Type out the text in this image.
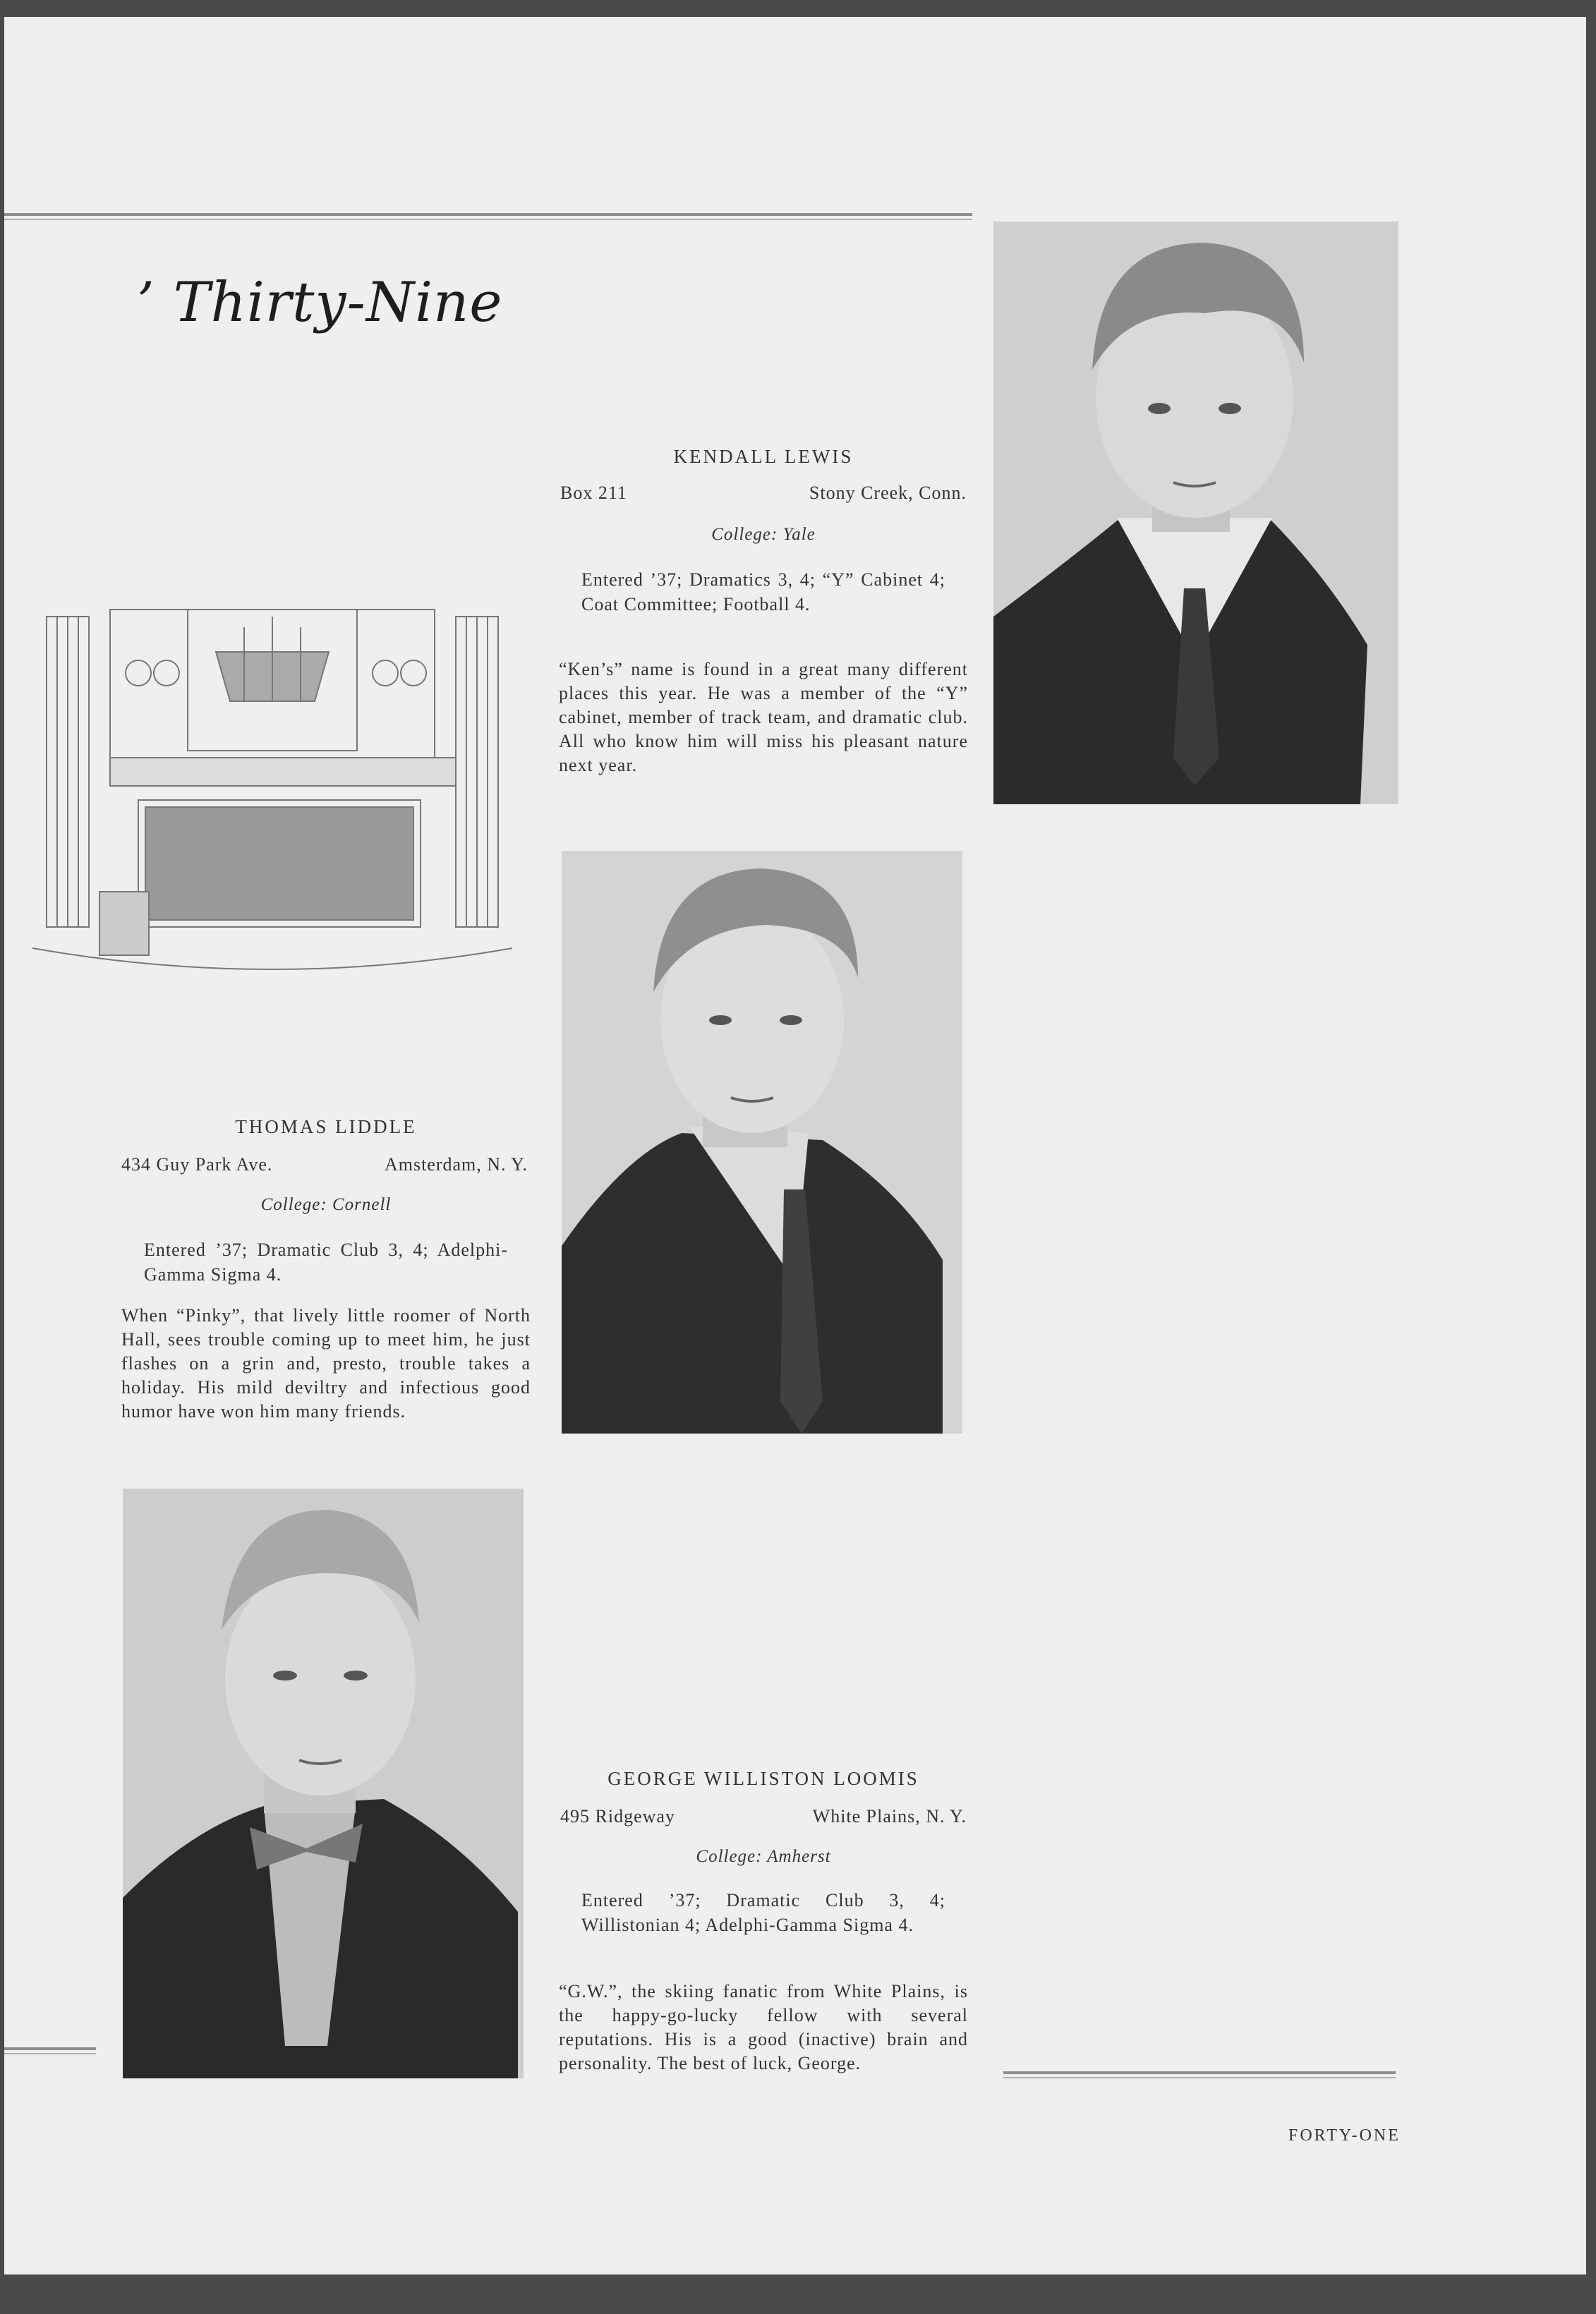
’ Thirty-Nine
KENDALL LEWIS
Box 211	Stony Creek, Conn.
College: Yale
Entered ’37; Dramatics 3, 4; “Y” Cabinet 4; Coat Committee; Football 4.
“Ken’s” name is found in a great many different places this year. He was a member of the “Y” cabinet, member of track team, and dramatic club. All who know him will miss his pleasant nature next year.
THOMAS LIDDLE
434 Guy Park Ave.	Amsterdam, N. Y.
College: Cornell
Entered ’37; Dramatic Club 3, 4; Adelphi-Gamma Sigma 4.
When “Pinky”, that lively little roomer of North Hall, sees trouble coming up to meet him, he just flashes on a grin and, presto, trouble takes a holiday. His mild deviltry and infectious good humor have won him many friends.
GEORGE WILLISTON LOOMIS
495 Ridgeway	White Plains, N. Y.
College: Amherst
Entered ’37; Dramatic Club 3, 4; Willistonian 4; Adelphi-Gamma Sigma 4.
“G.W.”, the skiing fanatic from White Plains, is the happy-go-lucky fellow with several reputations. His is a good (inactive) brain and personality. The best of luck, George.
FORTY-ONE
